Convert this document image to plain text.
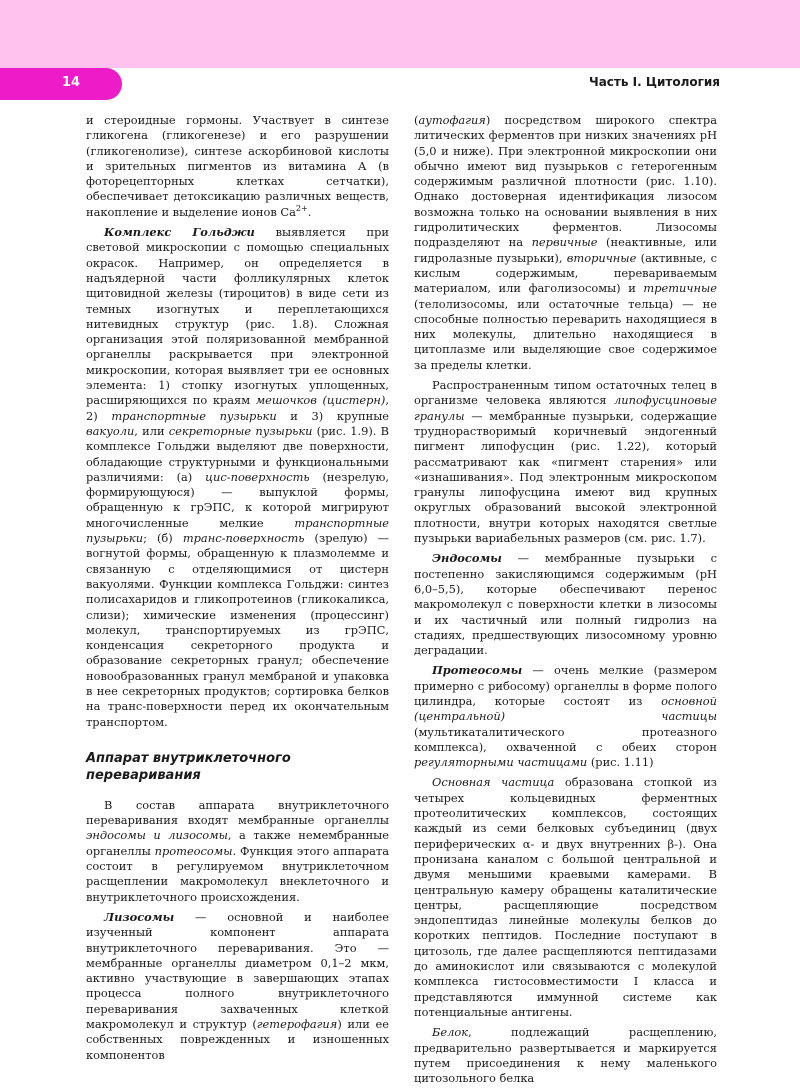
14	Часть I. Цитология

и стероидные гормоны. Участвует в синтезе гликогена (гликогенезе) и его разрушении (гликогенолизе), синтезе аскорбиновой кислоты и зрительных пигментов из витамина А (в фоторецепторных клетках сетчатки), обеспечивает детоксикацию различных веществ, накопление и выделение ионов $Ca^{2+}$.

Комплекс Гольджи выявляется при световой микроскопии с помощью специальных окрасок. Например, он определяется в надъядерной части фолликулярных клеток щитовидной железы (тироцитов) в виде сети из темных изогнутых и переплетающихся нитевидных структур (рис. 1.8). Сложная организация этой поляризованной мембранной органеллы раскрывается при электронной микроскопии, которая выявляет три ее основных элемента: 1) стопку изогнутых уплощенных, расширяющихся по краям мешочков (цистерн), 2) транспортные пузырьки и 3) крупные вакуоли, или секреторные пузырьки (рис. 1.9). В комплексе Гольджи выделяют две поверхности, обладающие структурными и функциональными различиями: (а) цис-поверхность (незрелую, формирующуюся) — выпуклой формы, обращенную к грЭПС, к которой мигрируют многочисленные мелкие транспортные пузырьки; (б) транс-поверхность (зрелую) — вогнутой формы, обращенную к плазмолемме и связанную с отделяющимися от цистерн вакуолями. Функции комплекса Гольджи: синтез полисахаридов и гликопротеинов (гликокаликса, слизи); химические изменения (процессинг) молекул, транспортируемых из грЭПС, конденсация секреторного продукта и образование секреторных гранул; обеспечение новообразованных гранул мембраной и упаковка в нее секреторных продуктов; сортировка белков на транс-поверхности перед их окончательным транспортом.

Аппарат внутриклеточного
переваривания

В состав аппарата внутриклеточного переваривания входят мембранные органеллы эндосомы и лизосомы, а также немембранные органеллы протеосомы. Функция этого аппарата состоит в регулируемом внутриклеточном расщеплении макромолекул внеклеточного и внутриклеточного происхождения.

Лизосомы — основной и наиболее изученный компонент аппарата внутриклеточного переваривания. Это — мембранные органеллы диаметром 0,1–2 мкм, активно участвующие в завершающих этапах процесса полного внутриклеточного переваривания захваченных клеткой макромолекул и структур (гетерофагия) или ее собственных поврежденных и изношенных компонентов

(аутофагия) посредством широкого спектра литических ферментов при низких значениях pH (5,0 и ниже). При электронной микроскопии они обычно имеют вид пузырьков с гетерогенным содержимым различной плотности (рис. 1.10). Однако достоверная идентификация лизосом возможна только на основании выявления в них гидролитических ферментов. Лизосомы подразделяют на первичные (неактивные, или гидролазные пузырьки), вторичные (активные, с кислым содержимым, перевариваемым материалом, или фаголизосомы) и третичные (телолизосомы, или остаточные тельца) — не способные полностью переварить находящиеся в них молекулы, длительно находящиеся в цитоплазме или выделяющие свое содержимое за пределы клетки.

Распространенным типом остаточных телец в организме человека являются липофусциновые гранулы — мембранные пузырьки, содержащие труднорастворимый коричневый эндогенный пигмент липофусцин (рис. 1.22), который рассматривают как «пигмент старения» или «изнашивания». Под электронным микроскопом гранулы липофусцина имеют вид крупных округлых образований высокой электронной плотности, внутри которых находятся светлые пузырьки вариабельных размеров (см. рис. 1.7).

Эндосомы — мембранные пузырьки с постепенно закисляющимся содержимым (pH 6,0–5,5), которые обеспечивают перенос макромолекул с поверхности клетки в лизосомы и их частичный или полный гидролиз на стадиях, предшествующих лизосомному уровню деградации.

Протеосомы — очень мелкие (размером примерно с рибосому) органеллы в форме полого цилиндра, которые состоят из основной (центральной) частицы (мультикаталитического протеазного комплекса), охваченной с обеих сторон регуляторными частицами (рис. 1.11)

Основная частица образована стопкой из четырех кольцевидных ферментных протеолитических комплексов, состоящих каждый из семи белковых субъединиц (двух периферических α- и двух внутренних β-). Она пронизана каналом с большой центральной и двумя меньшими краевыми камерами. В центральную камеру обращены каталитические центры, расщепляющие посредством эндопептидаз линейные молекулы белков до коротких пептидов. Последние поступают в цитозоль, где далее расщепляются пептидазами до аминокислот или связываются с молекулой комплекса гистосовместимости I класса и представляются иммунной системе как потенциальные антигены.

Белок, подлежащий расщеплению, предварительно развертывается и маркируется путем присоединения к нему маленького цитозольного белка
